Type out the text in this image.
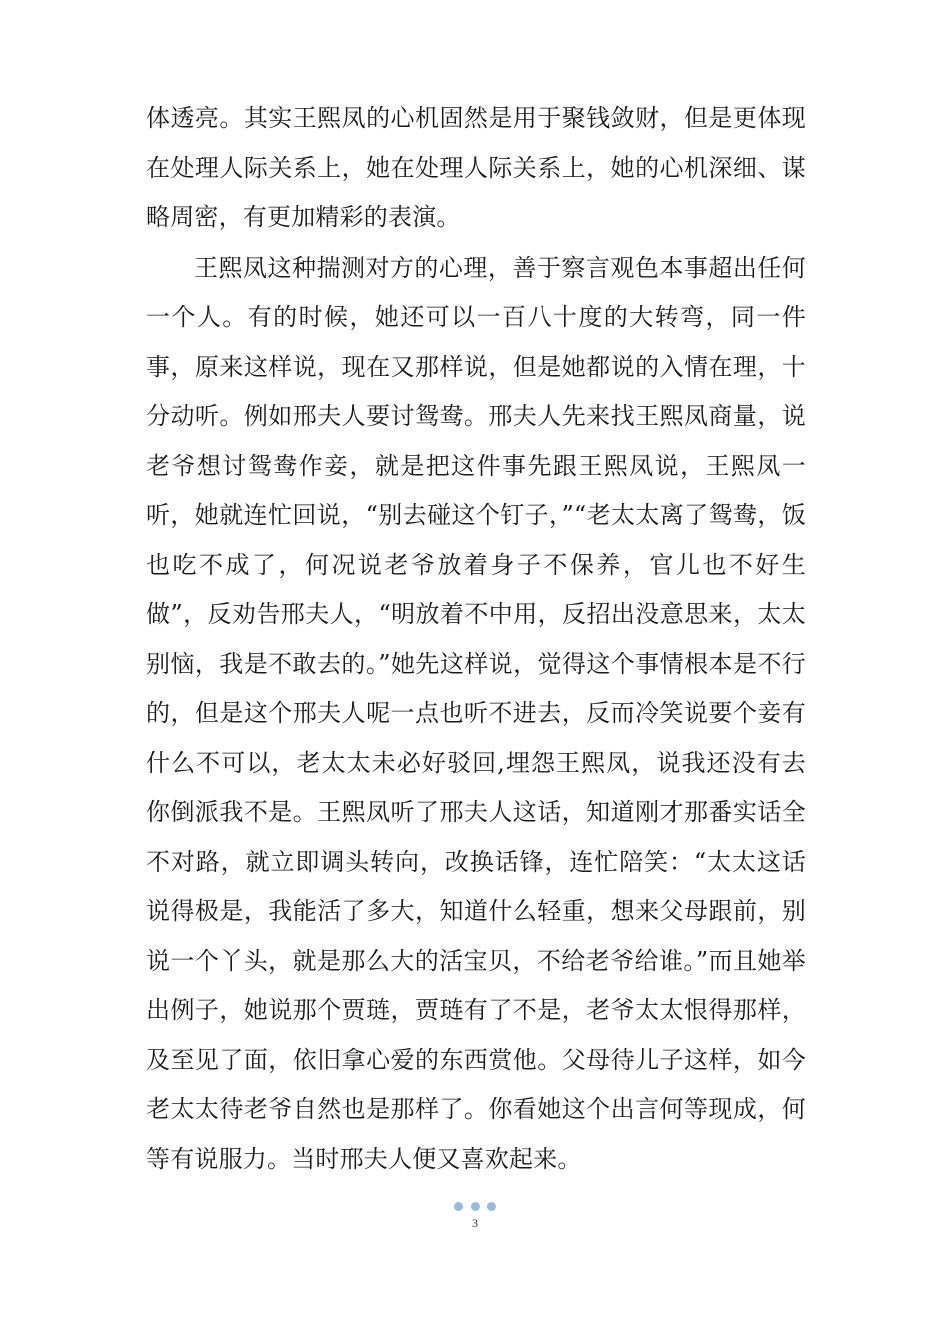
体透亮。其实王熙凤的心机固然是用于聚钱敛财，但是更体现在处理人际关系上，她在处理人际关系上，她的心机深细、谋略周密，有更加精彩的表演。

王熙凤这种揣测对方的心理，善于察言观色本事超出任何一个人。有的时候，她还可以一百八十度的大转弯，同一件事，原来这样说，现在又那样说，但是她都说的入情在理，十分动听。例如邢夫人要讨鸳鸯。邢夫人先来找王熙凤商量，说老爷想讨鸳鸯作妾，就是把这件事先跟王熙凤说，王熙凤一听，她就连忙回说，“别去碰这个钉子，”“老太太离了鸳鸯，饭也吃不成了，何况说老爷放着身子不保养，官儿也不好生做”，反劝告邢夫人，“明放着不中用，反招出没意思来，太太别恼，我是不敢去的。”她先这样说，觉得这个事情根本是不行的，但是这个邢夫人呢一点也听不进去，反而冷笑说要个妾有什么不可以，老太太未必好驳回,埋怨王熙凤，说我还没有去你倒派我不是。王熙凤听了邢夫人这话，知道刚才那番实话全不对路，就立即调头转向，改换话锋，连忙陪笑：“太太这话说得极是，我能活了多大，知道什么轻重，想来父母跟前，别说一个丫头，就是那么大的活宝贝，不给老爷给谁。”而且她举出例子，她说那个贾琏，贾琏有了不是，老爷太太恨得那样，及至见了面，依旧拿心爱的东西赏他。父母待儿子这样，如今老太太待老爷自然也是那样了。你看她这个出言何等现成，何等有说服力。当时邢夫人便又喜欢起来。

3
